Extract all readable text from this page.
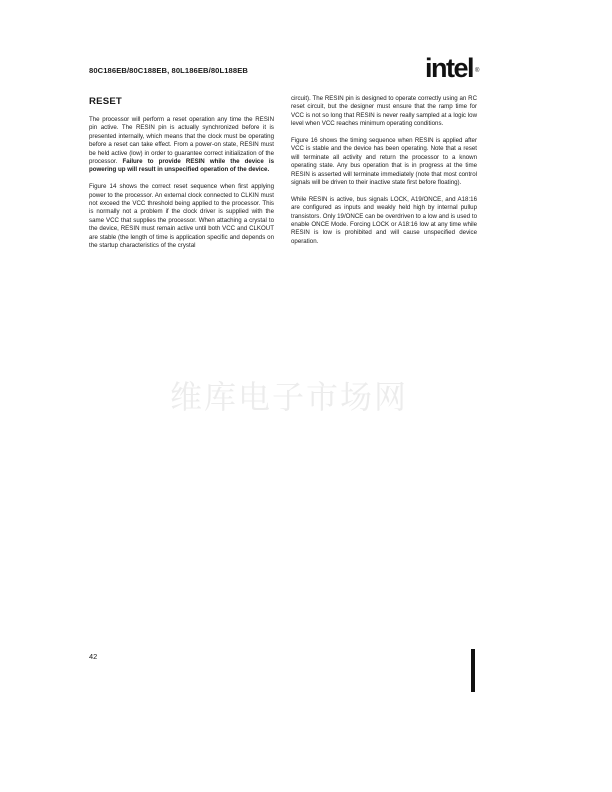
80C186EB/80C188EB, 80L186EB/80L188EB	intel ®
RESET

The processor will perform a reset operation any time the RESIN pin active. The RESIN pin is actually synchronized before it is presented internally, which means that the clock must be operating before a reset can take effect. From a power-on state, RESIN must be held active (low) in order to guarantee correct initialization of the processor. Failure to provide RESIN while the device is powering up will result in unspecified operation of the device.

Figure 14 shows the correct reset sequence when first applying power to the processor. An external clock connected to CLKIN must not exceed the VCC threshold being applied to the processor. This is normally not a problem if the clock driver is supplied with the same VCC that supplies the processor. When attaching a crystal to the device, RESIN must remain active until both VCC and CLKOUT are stable (the length of time is application specific and depends on the startup characteristics of the crystal

circuit). The RESIN pin is designed to operate correctly using an RC reset circuit, but the designer must ensure that the ramp time for VCC is not so long that RESIN is never really sampled at a logic low level when VCC reaches minimum operating conditions.

Figure 16 shows the timing sequence when RESIN is applied after VCC is stable and the device has been operating. Note that a reset will terminate all activity and return the processor to a known operating state. Any bus operation that is in progress at the time RESIN is asserted will terminate immediately (note that most control signals will be driven to their inactive state first before floating).

While RESIN is active, bus signals LOCK, A19/ONCE, and A18:16 are configured as inputs and weakly held high by internal pullup transistors. Only 19/ONCE can be overdriven to a low and is used to enable ONCE Mode. Forcing LOCK or A18:16 low at any time while RESIN is low is prohibited and will cause unspecified device operation.

维库电子市场网
42
